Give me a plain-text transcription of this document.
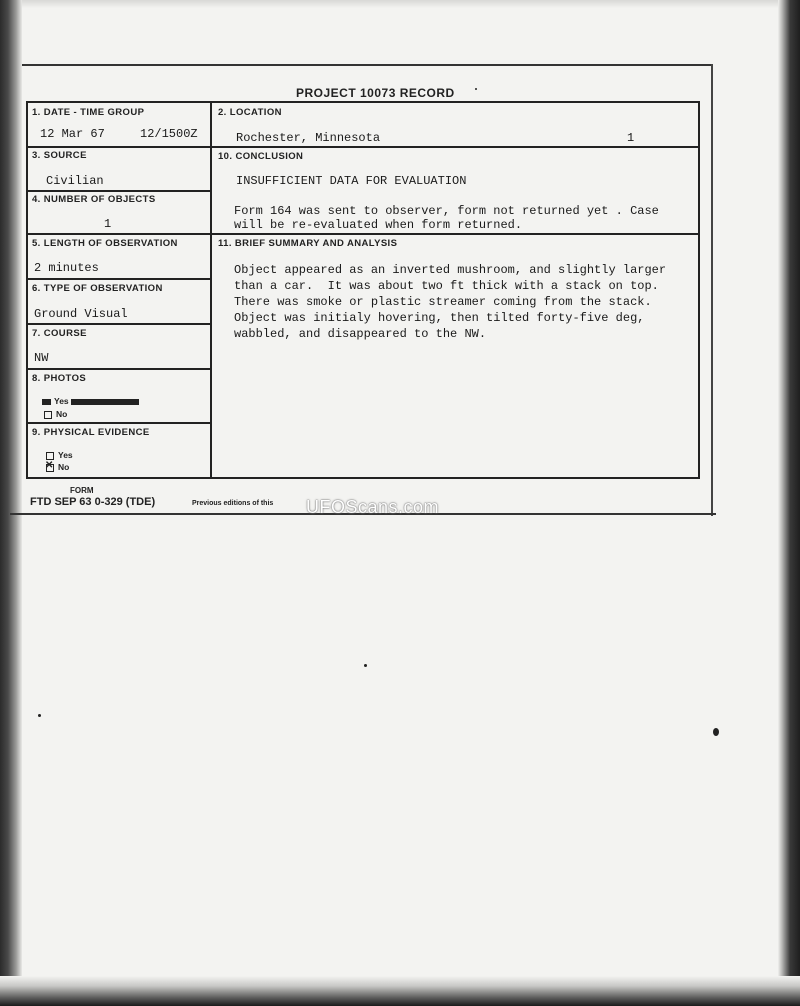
PROJECT 10073 RECORD
1. DATE - TIME GROUP
12 Mar 67	12/1500Z
2. LOCATION
Rochester, Minnesota	1
3. SOURCE
Civilian
10. CONCLUSION
INSUFFICIENT DATA FOR EVALUATION
Form 164 was sent to observer, form not returned yet . Case
will be re-evaluated when form returned.
4. NUMBER OF OBJECTS
1
5. LENGTH OF OBSERVATION
2 minutes
11. BRIEF SUMMARY AND ANALYSIS
Object appeared as an inverted mushroom, and slightly larger
than a car.  It was about two ft thick with a stack on top.
There was smoke or plastic streamer coming from the stack.
Object was initialy hovering, then tilted forty-five deg,
wabbled, and disappeared to the NW.
6. TYPE OF OBSERVATION
Ground Visual
7. COURSE
NW
8. PHOTOS
Yes
No
9. PHYSICAL EVIDENCE
Yes
✕ No
FORM
FTD SEP 63 0-329 (TDE)	Previous editions of this UFOScans.com
